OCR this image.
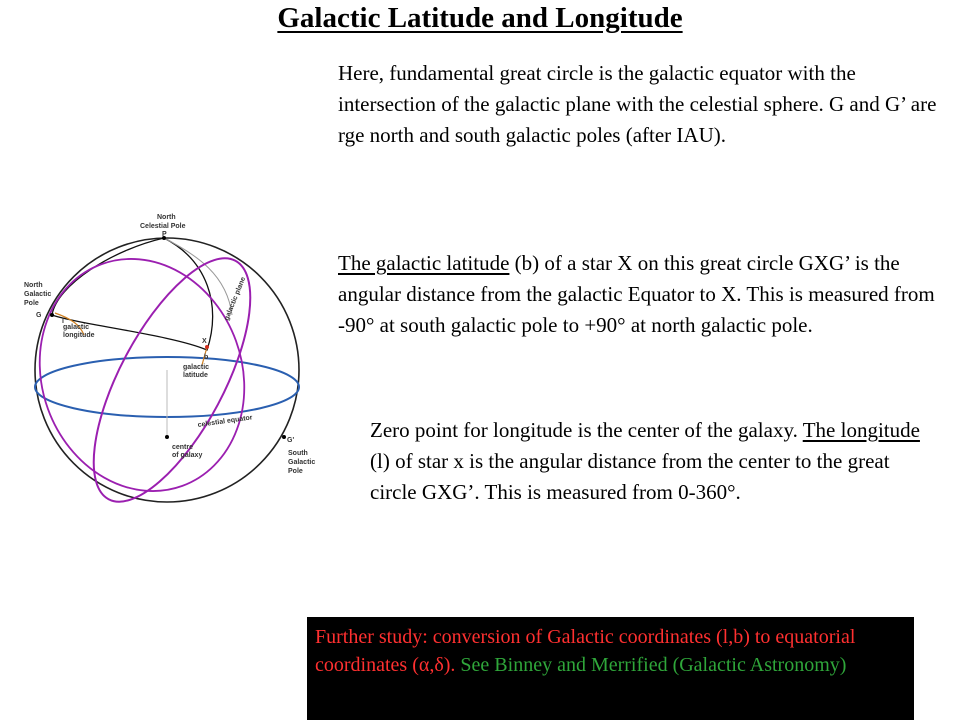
Galactic Latitude and Longitude

Here, fundamental great circle is the galactic equator with the intersection of the galactic plane with the celestial sphere. G and G’ are rge north and south galactic poles (after IAU).

The galactic latitude (b) of a star X on this great circle GXG’ is the angular distance from the galactic Equator to X. This is measured from -90° at south galactic pole to +90° at north galactic pole.

Zero point for longitude is the center of the galaxy. The longitude (l) of star x is the angular distance from the center to the great circle GXG’. This is measured from 0-360°.

North
Celestial Pole
P
North
Galactic
Pole
G
l
galactic
longitude
galactic plane
X
b
galactic
latitude
celestial equator
G'
South
Galactic
Pole
centre
of galaxy
Further study: conversion of Galactic coordinates (l,b) to equatorial coordinates (α,δ). See Binney and Merrified (Galactic Astronomy)
